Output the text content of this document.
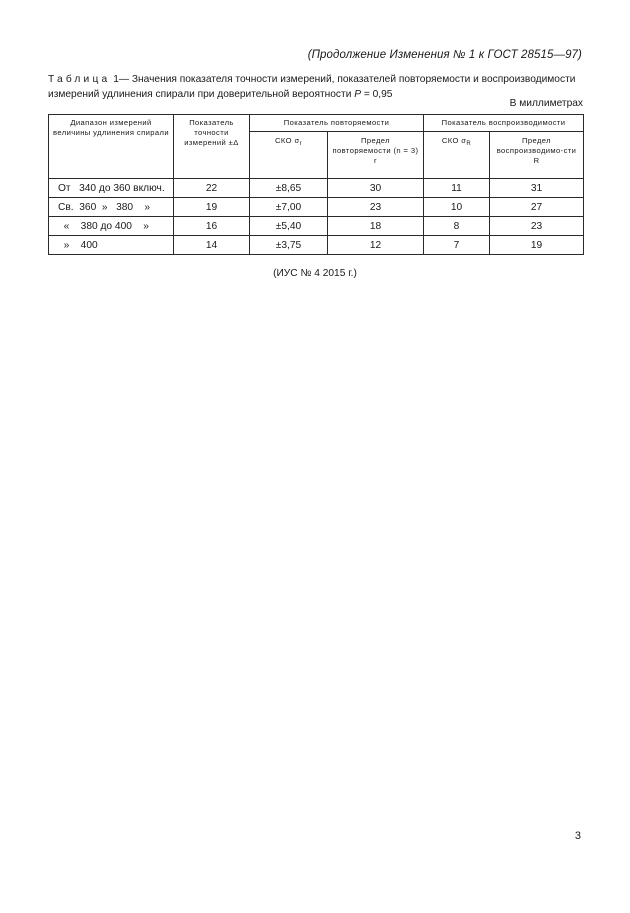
(Продолжение Изменения № 1 к ГОСТ 28515—97)
Таблица 1— Значения показателя точности измерений, показателей повторяемости и воспроизводимости
измерений удлинения спирали при доверительной вероятности P = 0,95
В миллиметрах
Диапазон измерений величины удлинения спирали	Показатель точности измерений ±Δ	Показатель повторяемости		Показатель воспроизводимости	
		СКО $\sigma_r$	Предел повторяемости (n = 3) r	СКО $\sigma_R$	Предел воспроизводимо-сти R
От   340 до 360 включ.	22	±8,65	30	11	31
Св.  360  »   380    »	19	±7,00	23	10	27
«    380 до 400    »	16	±5,40	18	8	23
»    400	14	±3,75	12	7	19
(ИУС № 4 2015 г.)
3
